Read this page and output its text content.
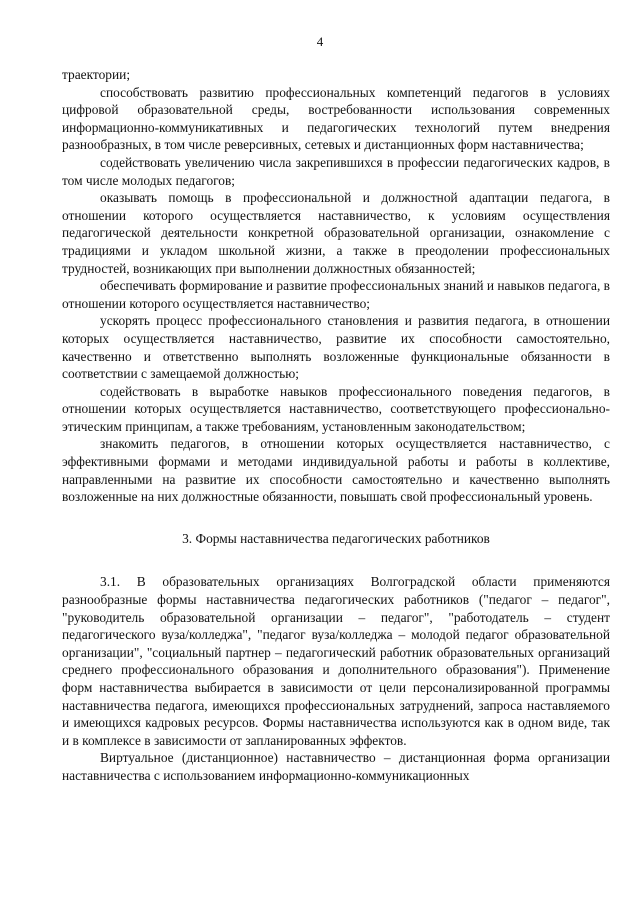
4

траектории;

способствовать развитию профессиональных компетенций педагогов в условиях цифровой образовательной среды, востребованности использования современных информационно-коммуникативных и педагогических технологий путем внедрения разнообразных, в том числе реверсивных, сетевых и дистанционных форм наставничества;

содействовать увеличению числа закрепившихся в профессии педагогических кадров, в том числе молодых педагогов;

оказывать помощь в профессиональной и должностной адаптации педагога, в отношении которого осуществляется наставничество, к условиям осуществления педагогической деятельности конкретной образовательной организации, ознакомление с традициями и укладом школьной жизни, а также в преодолении профессиональных трудностей, возникающих при выполнении должностных обязанностей;

обеспечивать формирование и развитие профессиональных знаний и навыков педагога, в отношении которого осуществляется наставничество;

ускорять процесс профессионального становления и развития педагога, в отношении которых осуществляется наставничество, развитие их способности самостоятельно, качественно и ответственно выполнять возложенные функциональные обязанности в соответствии с замещаемой должностью;

содействовать в выработке навыков профессионального поведения педагогов, в отношении которых осуществляется наставничество, соответствующего профессионально-этическим принципам, а также требованиям, установленным законодательством;

знакомить педагогов, в отношении которых осуществляется наставничество, с эффективными формами и методами индивидуальной работы и работы в коллективе, направленными на развитие их способности самостоятельно и качественно выполнять возложенные на них должностные обязанности, повышать свой профессиональный уровень.

3. Формы наставничества педагогических работников

3.1. В образовательных организациях Волгоградской области применяются разнообразные формы наставничества педагогических работников ("педагог – педагог", "руководитель образовательной организации – педагог", "работодатель – студент педагогического вуза/колледжа", "педагог вуза/колледжа – молодой педагог образовательной организации", "социальный партнер – педагогический работник образовательных организаций среднего профессионального образования и дополнительного образования"). Применение форм наставничества выбирается в зависимости от цели персонализированной программы наставничества педагога, имеющихся профессиональных затруднений, запроса наставляемого и имеющихся кадровых ресурсов. Формы наставничества используются как в одном виде, так и в комплексе в зависимости от запланированных эффектов.

Виртуальное (дистанционное) наставничество – дистанционная форма организации наставничества с использованием информационно-коммуникационных
